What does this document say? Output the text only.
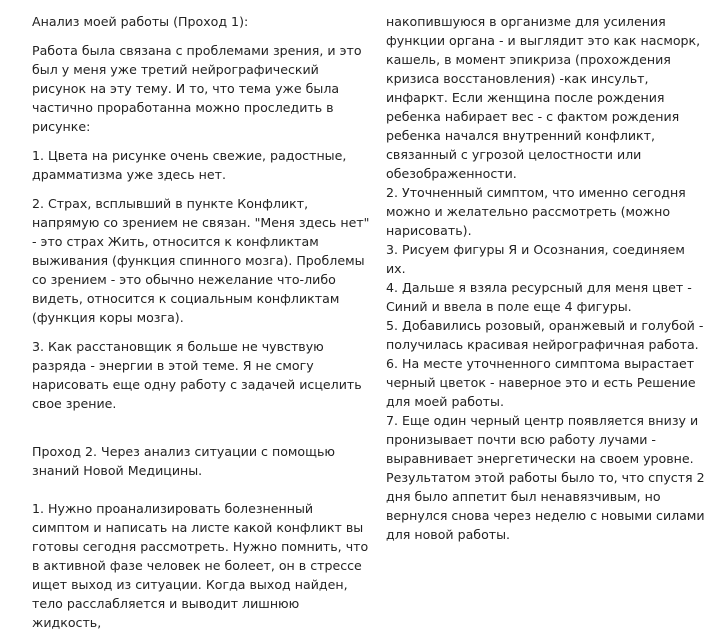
Анализ моей работы (Проход 1):

Работа была связана с проблемами зрения, и это был у меня уже третий нейрографический рисунок на эту тему. И то, что тема уже была частично проработанна можно проследить в рисунке:

1. Цвета на рисунке очень свежие, радостные, драмматизма уже здесь нет.

2. Страх, всплывший в пункте Конфликт, напрямую со зрением не связан. "Меня здесь нет" - это страх Жить, относится к конфликтам выживания (функция спинного мозга). Проблемы со зрением - это обычно нежелание что-либо видеть, относится к социальным конфликтам (функция коры мозга).

3. Как расстановщик я больше не чувствую разряда - энергии в этой теме. Я не смогу нарисовать еще одну работу с задачей исцелить свое зрение.

Проход 2. Через анализ ситуации с помощью знаний Новой Медицины.

1. Нужно проанализировать болезненный симптом и написать на листе какой конфликт вы готовы сегодня рассмотреть. Нужно помнить, что в активной фазе человек не болеет, он в стрессе ищет выход из ситуации. Когда выход найден, тело расслабляется и выводит лишнюю жидкость,

накопившуюся в организме для усиления функции органа - и выглядит это как насморк, кашель, в момент эпикриза (прохождения кризиса восстановления) -как инсульт, инфаркт. Если женщина после рождения ребенка набирает вес - с фактом рождения ребенка начался внутренний конфликт, связанный с угрозой целостности или обезображенности.

2. Уточненный симптом, что именно сегодня можно и желательно рассмотреть (можно нарисовать).

3. Рисуем фигуры Я и Осознания, соединяем их.

4. Дальше я взяла ресурсный для меня цвет - Синий и ввела в поле еще 4 фигуры.

5. Добавились розовый, оранжевый и голубой - получилась красивая нейрографичная работа.

6. На месте уточненного симптома вырастает черный цветок - наверное это и есть Решение для моей работы.

7. Еще один черный центр появляется внизу и пронизывает почти всю работу лучами - выравнивает энергетически на своем уровне.

Результатом этой работы было то, что спустя 2 дня было аппетит был ненавязчивым, но вернулся снова через неделю с новыми силами для новой работы.
